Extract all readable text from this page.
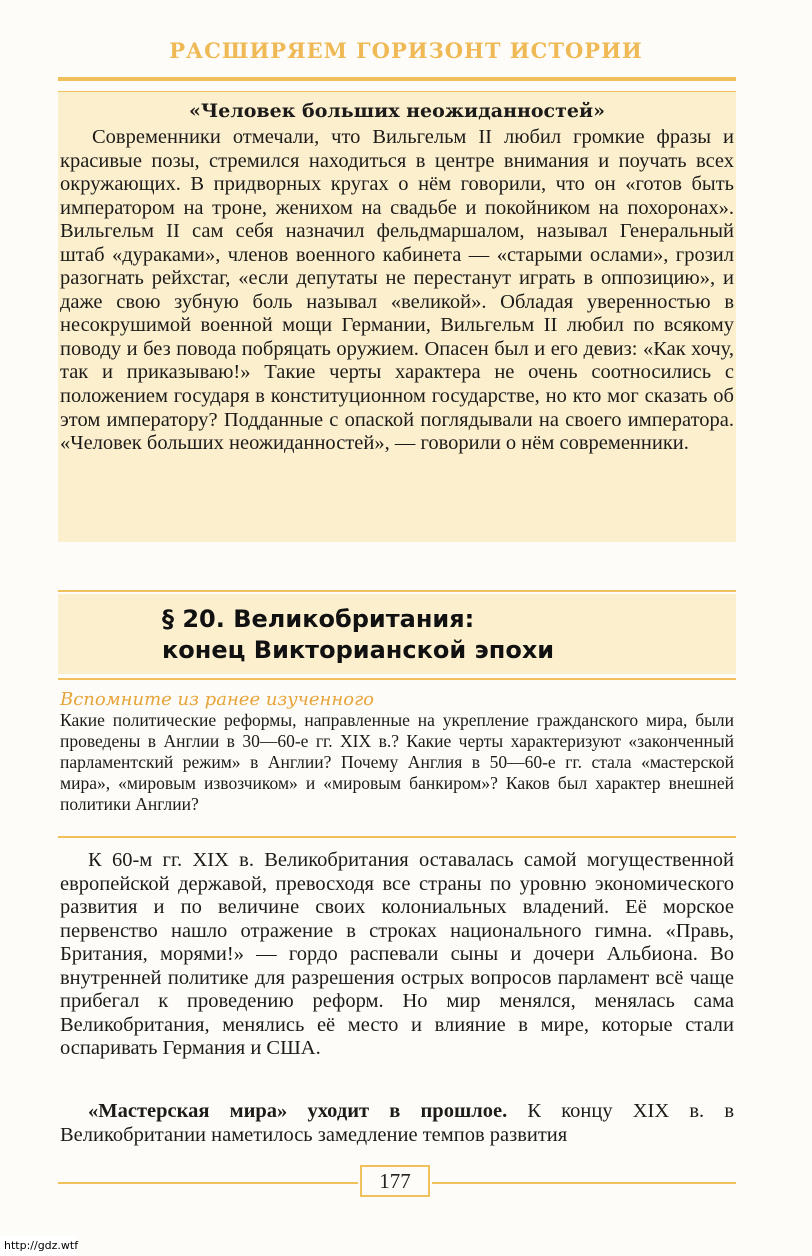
РАСШИРЯЕМ ГОРИЗОНТ ИСТОРИИ
«Человек больших неожиданностей»

Современники отмечали, что Вильгельм II любил громкие фразы и красивые позы, стремился находиться в центре внимания и поучать всех окружающих. В придворных кругах о нём говорили, что он «готов быть императором на троне, женихом на свадьбе и покойником на похоронах». Вильгельм II сам себя назначил фельдмаршалом, называл Генеральный штаб «дураками», членов военного кабинета — «старыми ослами», грозил разогнать рейхстаг, «если депутаты не перестанут играть в оппозицию», и даже свою зубную боль называл «великой». Обладая уверенностью в несокрушимой военной мощи Германии, Вильгельм II любил по всякому поводу и без повода побряцать оружием. Опасен был и его девиз: «Как хочу, так и приказываю!» Такие черты характера не очень соотносились с положением государя в конституционном государстве, но кто мог сказать об этом императору? Подданные с опаской поглядывали на своего императора. «Человек больших неожиданностей», — говорили о нём современники.

§ 20. Великобритания:
конец Викторианской эпохи
Вспомните из ранее изученного

Какие политические реформы, направленные на укрепление гражданского мира, были проведены в Англии в 30—60-е гг. XIX в.? Какие черты характеризуют «законченный парламентский режим» в Англии? Почему Англия в 50—60-е гг. стала «мастерской мира», «мировым извозчиком» и «мировым банкиром»? Каков был характер внешней политики Англии?

К 60-м гг. XIX в. Великобритания оставалась самой могущественной европейской державой, превосходя все страны по уровню экономического развития и по величине своих колониальных владений. Её морское первенство нашло отражение в строках национального гимна. «Правь, Британия, морями!» — гордо распевали сыны и дочери Альбиона. Во внутренней политике для разрешения острых вопросов парламент всё чаще прибегал к проведению реформ. Но мир менялся, менялась сама Великобритания, менялись её место и влияние в мире, которые стали оспаривать Германия и США.

«Мастерская мира» уходит в прошлое. К концу XIX в. в Великобритании наметилось замедление темпов развития

177
http://gdz.wtf
